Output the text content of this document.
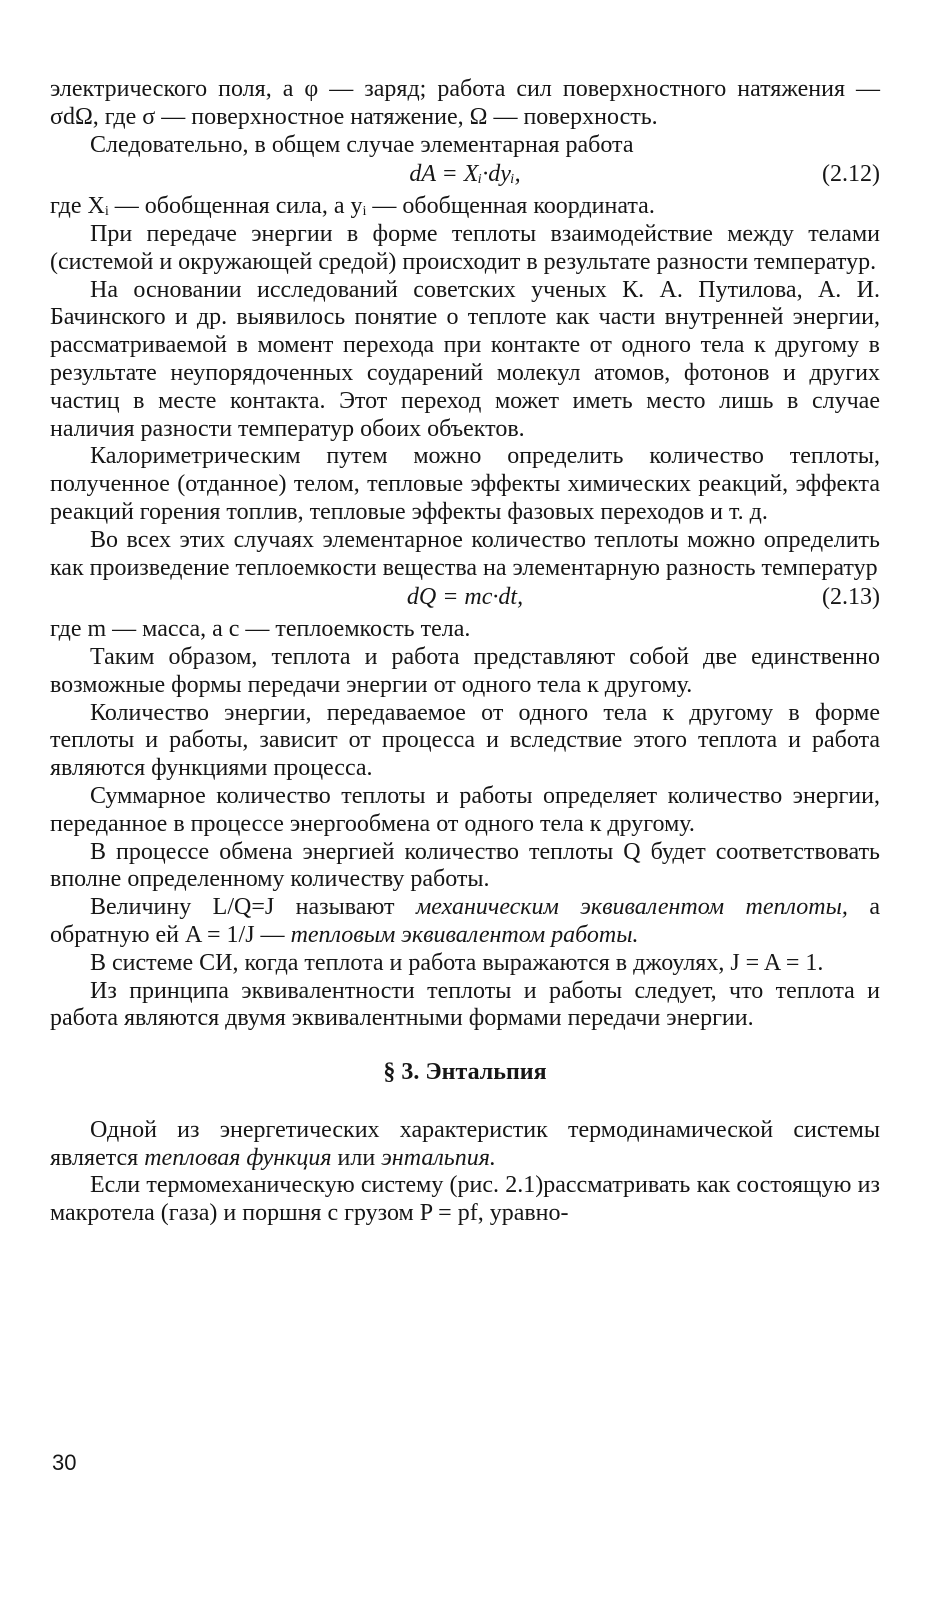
электрического поля, а φ — заряд; работа сил поверхностного натяжения — σdΩ, где σ — поверхностное натяжение, Ω — поверхность.

Следовательно, в общем случае элементарная работа

dA = Xᵢ·dyᵢ,	(2.12)

где Xᵢ — обобщенная сила, а yᵢ — обобщенная координата.

При передаче энергии в форме теплоты взаимодействие между телами (системой и окружающей средой) происходит в результате разности температур.

На основании исследований советских ученых К. А. Путилова, А. И. Бачинского и др. выявилось понятие о теплоте как части внутренней энергии, рассматриваемой в момент перехода при контакте от одного тела к другому в результате неупорядоченных соударений молекул атомов, фотонов и других частиц в месте контакта. Этот переход может иметь место лишь в случае наличия разности температур обоих объектов.

Калориметрическим путем можно определить количество теплоты, полученное (отданное) телом, тепловые эффекты химических реакций, эффекта реакций горения топлив, тепловые эффекты фазовых переходов и т. д.

Во всех этих случаях элементарное количество теплоты можно определить как произведение теплоемкости вещества на элементарную разность температур

dQ = mc·dt,	(2.13)

где m — масса, а c — теплоемкость тела.

Таким образом, теплота и работа представляют собой две единственно возможные формы передачи энергии от одного тела к другому.

Количество энергии, передаваемое от одного тела к другому в форме теплоты и работы, зависит от процесса и вследствие этого теплота и работа являются функциями процесса.

Суммарное количество теплоты и работы определяет количество энергии, переданное в процессе энергообмена от одного тела к другому.

В процессе обмена энергией количество теплоты Q будет соответствовать вполне определенному количеству работы.

Величину L/Q=J называют механическим эквивалентом теплоты, а обратную ей A = 1/J — тепловым эквивалентом работы.

В системе СИ, когда теплота и работа выражаются в джоулях, J = A = 1.

Из принципа эквивалентности теплоты и работы следует, что теплота и работа являются двумя эквивалентными формами передачи энергии.

§ 3. Энтальпия

Одной из энергетических характеристик термодинамической системы является тепловая функция или энтальпия.

Если термомеханическую систему (рис. 2.1)рассматривать как состоящую из макротела (газа) и поршня с грузом P = pf, уравно-

30
